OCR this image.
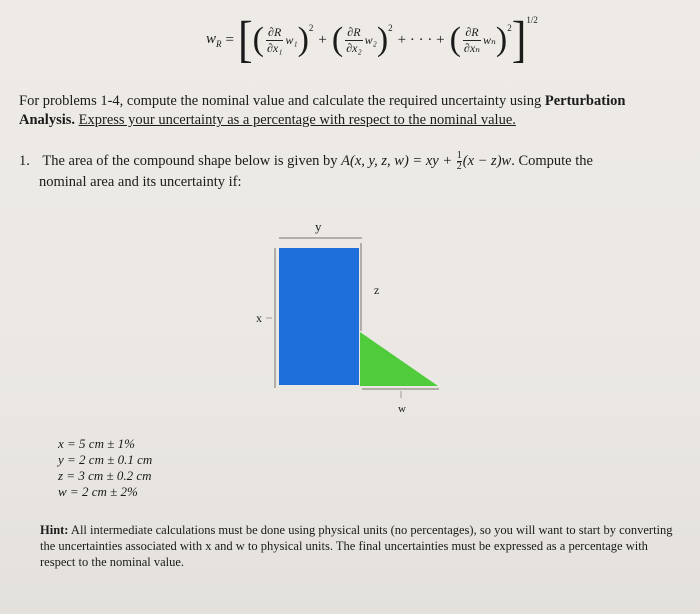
$w_R$ = [ ( $\frac{\partial R}{\text{∂x₁}} w_1$ ) 2
+ ( $\frac{\partial R}{\text{∂x₂}} w_2$ ) 2
+ · · · + ( $\frac{\partial R}{\text{∂xₙ}}$ wₙ ) 2 ] 1/2
For problems 1-4, compute the nominal value and calculate the required uncertainty using Perturbation Analysis. Express your uncertainty as a percentage with respect to the nominal value.
1. The area of the compound shape below is given by A(x, y, z, w) = xy + $\frac{1}{2} (x - z)w$. Compute the
nominal area and its uncertainty if:
y
x
z
w
x = 5 cm ± 1%
y = 2 cm ± 0.1 cm
z = 3 cm ± 0.2 cm
w = 2 cm ± 2%
Hint: All intermediate calculations must be done using physical units (no percentages), so you will want to start by converting the uncertainties associated with x and w to physical units. The final uncertainties must be expressed as a percentage with respect to the nominal value.
